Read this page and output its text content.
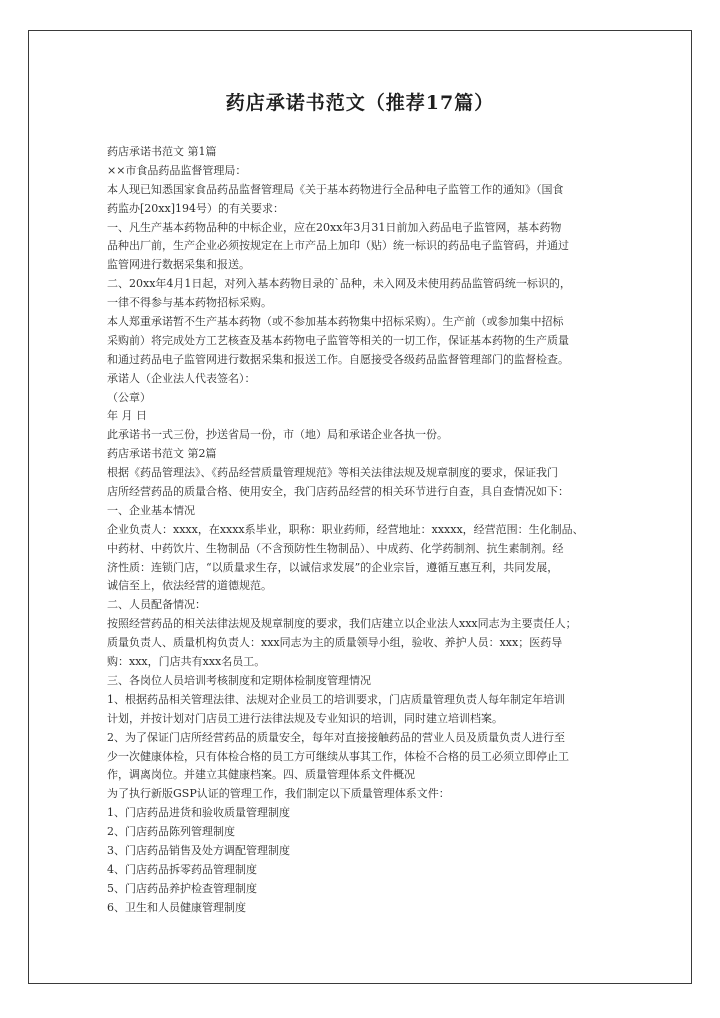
药店承诺书范文（推荐17篇）
药店承诺书范文 第1篇
××市食品药品监督管理局：
本人现已知悉国家食品药品监督管理局《关于基本药物进行全品种电子监管工作的通知》（国食
药监办[20xx]194号）的有关要求：
一、凡生产基本药物品种的中标企业，应在20xx年3月31日前加入药品电子监管网，基本药物
品种出厂前，生产企业必须按规定在上市产品上加印（贴）统一标识的药品电子监管码，并通过
监管网进行数据采集和报送。
二、20xx年4月1日起，对列入基本药物目录的`品种，未入网及未使用药品监管码统一标识的，
一律不得参与基本药物招标采购。
本人郑重承诺暂不生产基本药物（或不参加基本药物集中招标采购）。生产前（或参加集中招标
采购前）将完成处方工艺核查及基本药物电子监管等相关的一切工作，保证基本药物的生产质量
和通过药品电子监管网进行数据采集和报送工作。自愿接受各级药品监督管理部门的监督检查。
承诺人（企业法人代表签名）：
（公章）
年 月 日
此承诺书一式三份，抄送省局一份，市（地）局和承诺企业各执一份。
药店承诺书范文 第2篇
根据《药品管理法》、《药品经营质量管理规范》等相关法律法规及规章制度的要求，保证我门
店所经营药品的质量合格、使用安全，我门店药品经营的相关环节进行自查，具自查情况如下：
一、企业基本情况
企业负责人：xxxx，在xxxx系毕业，职称：职业药师，经营地址：xxxxx，经营范围：生化制品、
中药材、中药饮片、生物制品（不含预防性生物制品）、中成药、化学药制剂、抗生素制剂。经
济性质：连锁门店，“以质量求生存，以诚信求发展”的企业宗旨，遵循互惠互利，共同发展，
诚信至上，依法经营的道德规范。
二、人员配备情况：
按照经营药品的相关法律法规及规章制度的要求，我们店建立以企业法人xxx同志为主要责任人；
质量负责人、质量机构负责人：xxx同志为主的质量领导小组，验收、养护人员：xxx；医药导
购：xxx，门店共有xxx名员工。
三、各岗位人员培训考核制度和定期体检制度管理情况
1、根据药品相关管理法律、法规对企业员工的培训要求，门店质量管理负责人每年制定年培训
计划，并按计划对门店员工进行法律法规及专业知识的培训，同时建立培训档案。
2、为了保证门店所经营药品的质量安全，每年对直接接触药品的营业人员及质量负责人进行至
少一次健康体检，只有体检合格的员工方可继续从事其工作，体检不合格的员工必须立即停止工
作，调离岗位。并建立其健康档案。四、质量管理体系文件概况
为了执行新版GSP认证的管理工作，我们制定以下质量管理体系文件：
1、门店药品进货和验收质量管理制度
2、门店药品陈列管理制度
3、门店药品销售及处方调配管理制度
4、门店药品拆零药品管理制度
5、门店药品养护检查管理制度
6、卫生和人员健康管理制度
